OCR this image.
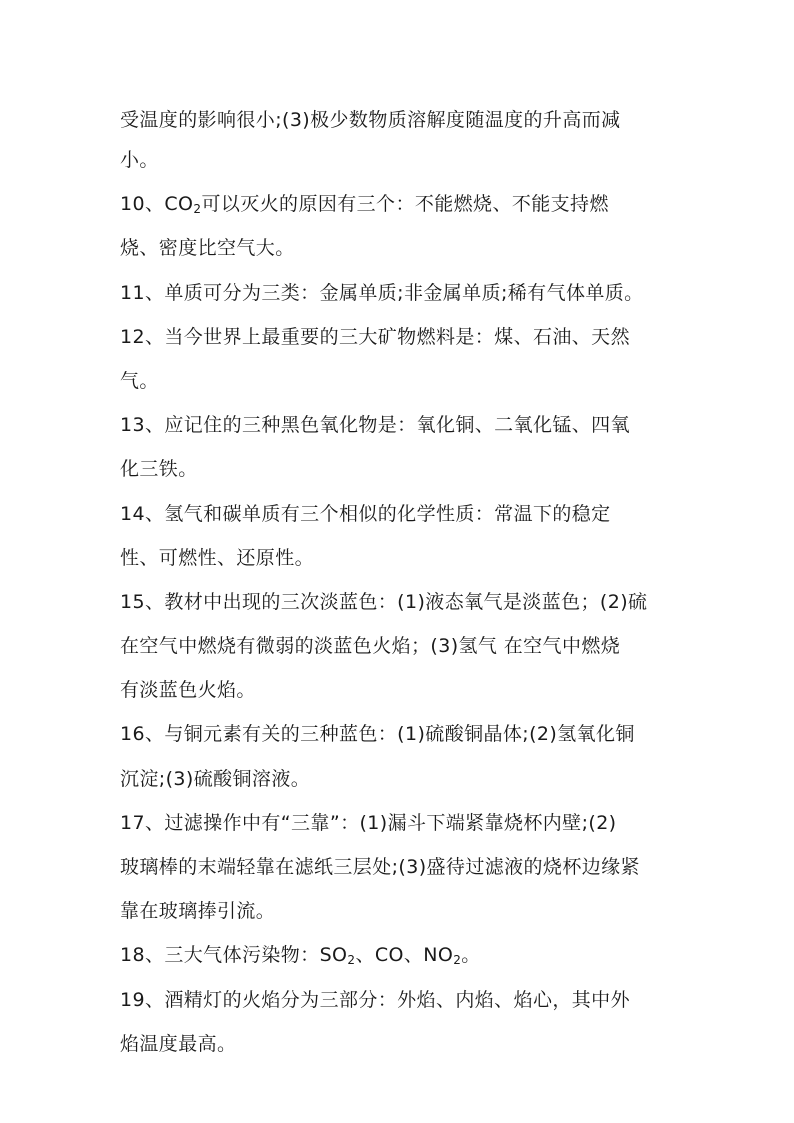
受温度的影响很小;(3)极少数物质溶解度随温度的升高而减
小。
10、$CO_2$可以灭火的原因有三个：不能燃烧、不能支持燃
烧、密度比空气大。
11、单质可分为三类：金属单质;非金属单质;稀有气体单质。
12、当今世界上最重要的三大矿物燃料是：煤、石油、天然
气。
13、应记住的三种黑色氧化物是：氧化铜、二氧化锰、四氧
化三铁。
14、氢气和碳单质有三个相似的化学性质：常温下的稳定
性、可燃性、还原性。
15、教材中出现的三次淡蓝色：(1)液态氧气是淡蓝色；(2)硫
在空气中燃烧有微弱的淡蓝色火焰；(3)氢气 在空气中燃烧
有淡蓝色火焰。
16、与铜元素有关的三种蓝色：(1)硫酸铜晶体;(2)氢氧化铜
沉淀;(3)硫酸铜溶液。
17、过滤操作中有“三靠”：(1)漏斗下端紧靠烧杯内壁;(2)
玻璃棒的末端轻靠在滤纸三层处;(3)盛待过滤液的烧杯边缘紧
靠在玻璃捧引流。
18、三大气体污染物：$SO_2$、CO、$NO_2$。
19、酒精灯的火焰分为三部分：外焰、内焰、焰心，其中外
焰温度最高。
